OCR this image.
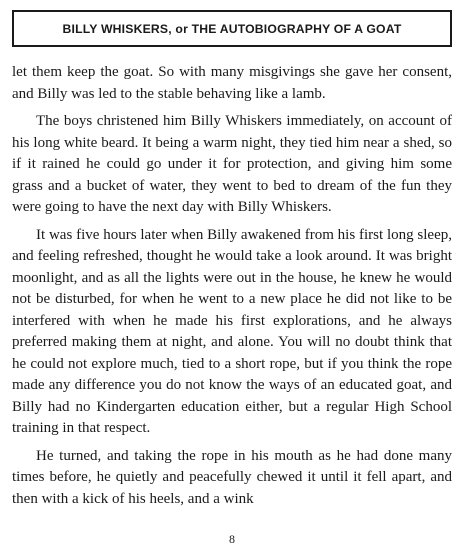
BILLY WHISKERS, or THE AUTOBIOGRAPHY OF A GOAT

let them keep the goat. So with many misgivings she gave her consent, and Billy was led to the stable behaving like a lamb.

The boys christened him Billy Whiskers immediately, on account of his long white beard. It being a warm night, they tied him near a shed, so if it rained he could go under it for protection, and giving him some grass and a bucket of water, they went to bed to dream of the fun they were going to have the next day with Billy Whiskers.

It was five hours later when Billy awakened from his first long sleep, and feeling refreshed, thought he would take a look around. It was bright moonlight, and as all the lights were out in the house, he knew he would not be disturbed, for when he went to a new place he did not like to be interfered with when he made his first explorations, and he always preferred making them at night, and alone. You will no doubt think that he could not explore much, tied to a short rope, but if you think the rope made any difference you do not know the ways of an educated goat, and Billy had no Kindergarten education either, but a regular High School training in that respect.

He turned, and taking the rope in his mouth as he had done many times before, he quietly and peacefully chewed it until it fell apart, and then with a kick of his heels, and a wink

8
